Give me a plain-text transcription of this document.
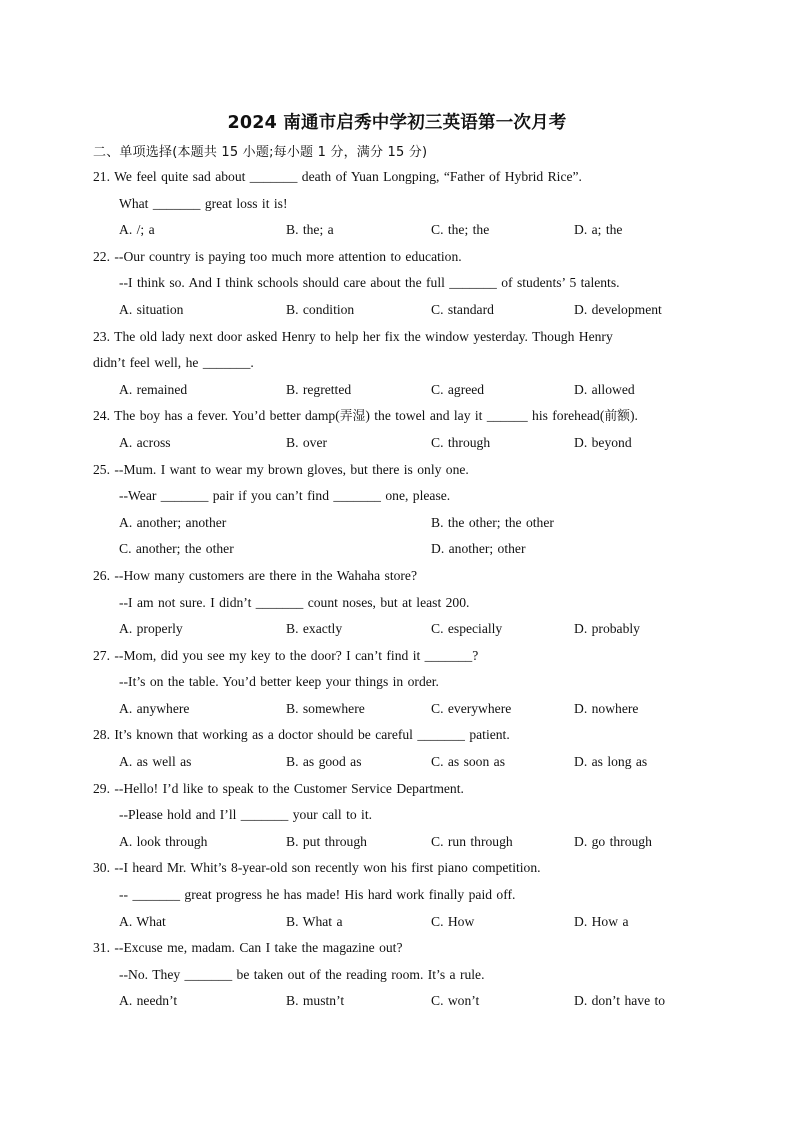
2024 南通市启秀中学初三英语第一次月考
二、单项选择(本题共 15 小题;每小题 1 分，满分 15 分)
21. We feel quite sad about _______ death of Yuan Longping, “Father of Hybrid Rice”.
What _______ great loss it is!
A. /; a	B. the; a	C. the; the	D. a; the
22. --Our country is paying too much more attention to education.
--I think so. And I think schools should care about the full _______ of students’ 5 talents.
A. situation	B. condition	C. standard	D. development
23. The old lady next door asked Henry to help her fix the window yesterday. Though Henry
didn’t feel well, he _______.
A. remained	B. regretted	C. agreed	D. allowed
24. The boy has a fever. You’d better damp(弄湿) the towel and lay it ______ his forehead(前额).
A. across	B. over	C. through	D. beyond
25. --Mum. I want to wear my brown gloves, but there is only one.
--Wear _______ pair if you can’t find _______ one, please.
A. another; another	B. the other; the other
C. another; the other	D. another; other
26. --How many customers are there in the Wahaha store?
--I am not sure. I didn’t _______ count noses, but at least 200.
A. properly	B. exactly	C. especially	D. probably
27. --Mom, did you see my key to the door? I can’t find it _______?
--It’s on the table. You’d better keep your things in order.
A. anywhere	B. somewhere	C. everywhere	D. nowhere
28. It’s known that working as a doctor should be careful _______ patient.
A. as well as	B. as good as	C. as soon as	D. as long as
29. --Hello! I’d like to speak to the Customer Service Department.
--Please hold and I’ll _______ your call to it.
A. look through	B. put through	C. run through	D. go through
30. --I heard Mr. Whit’s 8-year-old son recently won his first piano competition.
-- _______ great progress he has made! His hard work finally paid off.
A. What	B. What a	C. How	D. How a
31. --Excuse me, madam. Can I take the magazine out?
--No. They _______ be taken out of the reading room. It’s a rule.
A. needn’t	B. mustn’t	C. won’t	D. don’t have to
